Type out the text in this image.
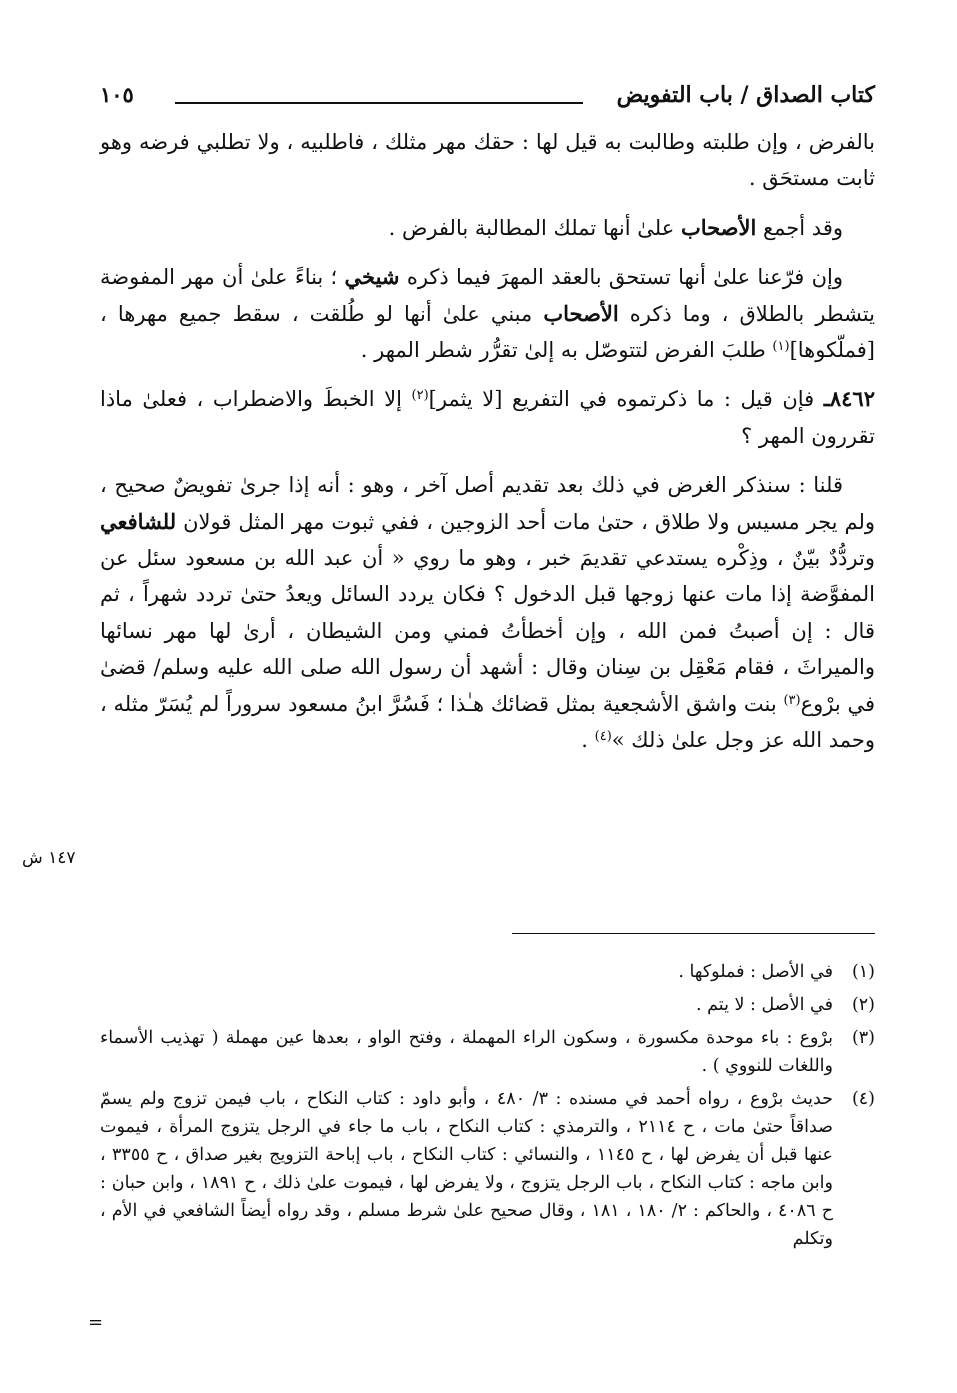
كتاب الصداق / باب التفويض
١٠٥

بالفرض ، وإن طلبته وطالبت به قيل لها : حقك مهر مثلك ، فاطلبيه ، ولا تطلبي فرضه وهو ثابت مستحَق .

وقد أجمع الأصحاب علىٰ أنها تملك المطالبة بالفرض .

وإن فرّعنا علىٰ أنها تستحق بالعقد المهرَ فيما ذكره شيخي ؛ بناءً علىٰ أن مهر المفوضة يتشطر بالطلاق ، وما ذكره الأصحاب مبني علىٰ أنها لو طُلقت ، سقط جميع مهرها ، [فملّكوها]$^{(١)}$ طلبَ الفرض لتتوصّل به إلىٰ تقرُّر شطر المهر .

٨٤٦٢ـ فإن قيل : ما ذكرتموه في التفريع [لا يثمر]$^{(٢)}$ إلا الخبطَ والاضطراب ، فعلىٰ ماذا تقررون المهر ؟

قلنا : سنذكر الغرض في ذلك بعد تقديم أصل آخر ، وهو : أنه إذا جرىٰ تفويضٌ صحيح ، ولم يجر مسيس ولا طلاق ، حتىٰ مات أحد الزوجين ، ففي ثبوت مهر المثل قولان للشافعي وتردُّدٌ بيّنٌ ، وذِكْره يستدعي تقديمَ خبر ، وهو ما روي « أن عبد الله بن مسعود سئل عن المفوَّضة إذا مات عنها زوجها قبل الدخول ؟ فكان يردد السائل ويعدُ حتىٰ تردد شهراً ، ثم قال : إن أصبتُ فمن الله ، وإن أخطأتُ فمني ومن الشيطان ، أرىٰ لها مهر نسائها والميراثَ ، فقام مَعْقِل بن سِنان وقال : أشهد أن رسول الله صلى الله عليه وسلم/ قضىٰ في برْوع$^{(٣)}$ بنت واشق الأشجعية بمثل قضائك هـٰذا ؛ فَسُرَّ ابنُ مسعود سروراً لم يُسَرّ مثله ، وحمد الله عز وجل علىٰ ذلك »$^{(٤)}$ .

١٤٧ ش
(١)
في الأصل : فملوكها .
(٢)
في الأصل : لا يتم .
(٣)
برْوع : باء موحدة مكسورة ، وسكون الراء المهملة ، وفتح الواو ، بعدها عين مهملة ( تهذيب الأسماء واللغات للنووي ) .
(٤)
حديث برْوع ، رواه أحمد في مسنده : ٣/ ٤٨٠ ، وأبو داود : كتاب النكاح ، باب فيمن تزوج ولم يسمّ صداقاً حتىٰ مات ، ح ٢١١٤ ، والترمذي : كتاب النكاح ، باب ما جاء في الرجل يتزوج المرأة ، فيموت عنها قبل أن يفرض لها ، ح ١١٤٥ ، والنسائي : كتاب النكاح ، باب إباحة التزويج بغير صداق ، ح ٣٣٥٥ ، وابن ماجه : كتاب النكاح ، باب الرجل يتزوج ، ولا يفرض لها ، فيموت علىٰ ذلك ، ح ١٨٩١ ، وابن حبان : ح ٤٠٨٦ ، والحاكم : ٢/ ١٨٠ ، ١٨١ ، وقال صحيح علىٰ شرط مسلم ، وقد رواه أيضاً الشافعي في الأم ، وتكلم
=
